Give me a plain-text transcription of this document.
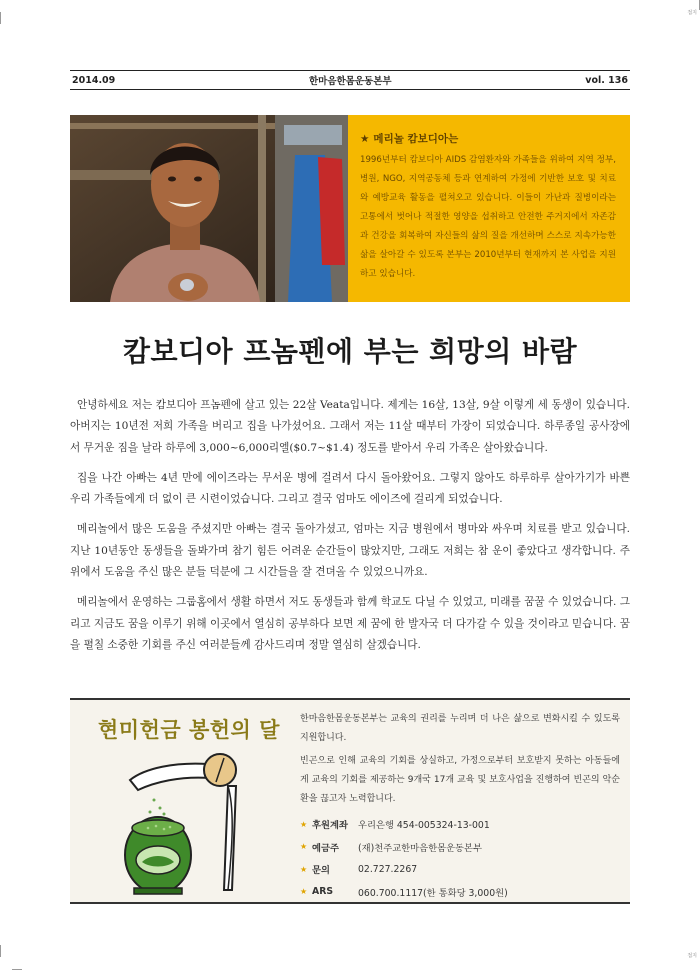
접지
접지
2014.09	한마음한몸운동본부	vol. 136
★ 메리놀 캄보디아는
1996년부터 캄보디아 AIDS 감염환자와 가족들을 위하여 지역 정부, 병원, NGO, 지역공동체 등과 연계하여 가정에 기반한 보호 및 치료와 예방교육 활동을 펼쳐오고 있습니다. 이들이 가난과 질병이라는 고통에서 벗어나 적절한 영양을 섭취하고 안전한 주거지에서 자존감과 건강을 회복하여 자신들의 삶의 질을 개선하며 스스로 지속가능한 삶을 살아갈 수 있도록 본부는 2010년부터 현재까지 본 사업을 지원하고 있습니다.
캄보디아 프놈펜에 부는 희망의 바람

안녕하세요 저는 캄보디아 프놈펜에 살고 있는 22살 Veata입니다. 제게는 16살, 13살, 9살 이렇게 세 동생이 있습니다. 아버지는 10년전 저희 가족을 버리고 집을 나가셨어요. 그래서 저는 11살 때부터 가장이 되었습니다. 하루종일 공사장에서 무거운 짐을 날라 하루에 3,000~6,000리엘($0.7~$1.4) 정도를 받아서 우리 가족은 살아왔습니다.

집을 나간 아빠는 4년 만에 에이즈라는 무서운 병에 걸려서 다시 돌아왔어요. 그렇지 않아도 하루하루 살아가기가 바쁜 우리 가족들에게 더 없이 큰 시련이었습니다. 그리고 결국 엄마도 에이즈에 걸리게 되었습니다.

메리놀에서 많은 도움을 주셨지만 아빠는 결국 돌아가셨고, 엄마는 지금 병원에서 병마와 싸우며 치료를 받고 있습니다. 지난 10년동안 동생들을 돌봐가며 참기 힘든 어려운 순간들이 많았지만, 그래도 저희는 참 운이 좋았다고 생각합니다. 주위에서 도움을 주신 많은 분들 덕분에 그 시간들을 잘 견뎌올 수 있었으니까요.

메리놀에서 운영하는 그룹홈에서 생활 하면서 저도 동생들과 함께 학교도 다닐 수 있었고, 미래를 꿈꿀 수 있었습니다. 그리고 지금도 꿈을 이루기 위해 이곳에서 열심히 공부하다 보면 제 꿈에 한 발자국 더 다가갈 수 있을 것이라고 믿습니다. 꿈을 펼칠 소중한 기회를 주신 여러분들께 감사드리며 정말 열심히 살겠습니다.

현미헌금 봉헌의 달 한마음한몸운동본부는 교육의 권리를 누리며 더 나은 삶으로 변화시킬 수 있도록 지원합니다.

빈곤으로 인해 교육의 기회를 상실하고, 가정으로부터 보호받지 못하는 아동들에게 교육의 기회를 제공하는 9개국 17개 교육 및 보호사업을 진행하여 빈곤의 악순환을 끊고자 노력합니다.

★ 후원계좌	우리은행 454-005324-13-001
★ 예금주	(재)천주교한마음한몸운동본부
★ 문의	02.727.2267
★ ARS	060.700.1117(한 통화당 3,000원)
